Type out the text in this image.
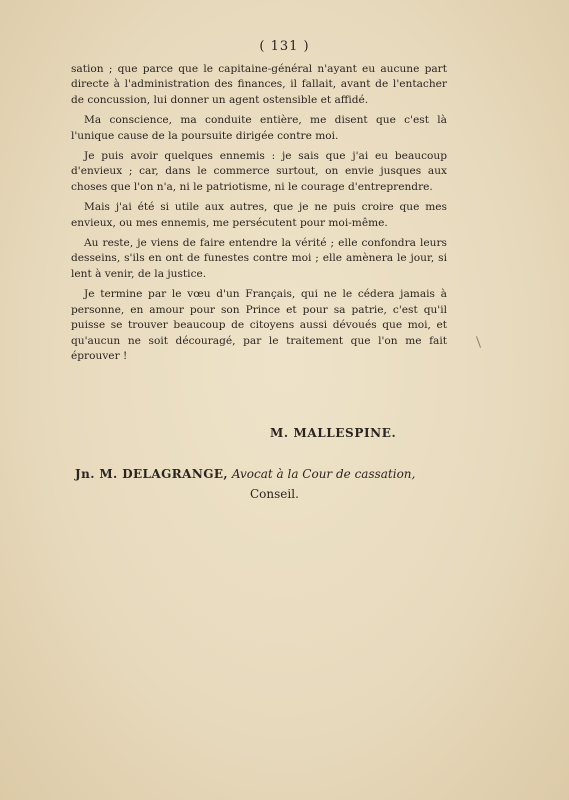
( 131 )

sation ; que parce que le capitaine-général n'ayant eu aucune part directe à l'administration des finances, il fallait, avant de l'entacher de concussion, lui donner un agent ostensible et affidé.

Ma conscience, ma conduite entière, me disent que c'est là l'unique cause de la poursuite dirigée contre moi.

Je puis avoir quelques ennemis : je sais que j'ai eu beaucoup d'envieux ; car, dans le commerce surtout, on envie jusques aux choses que l'on n'a, ni le patriotisme, ni le courage d'entreprendre.

Mais j'ai été si utile aux autres, que je ne puis croire que mes envieux, ou mes ennemis, me persécutent pour moi-même.

Au reste, je viens de faire entendre la vérité ; elle confondra leurs desseins, s'ils en ont de funestes contre moi ; elle amènera le jour, si lent à venir, de la justice.

Je termine par le vœu d'un Français, qui ne le cédera jamais à personne, en amour pour son Prince et pour sa patrie, c'est qu'il puisse se trouver beaucoup de citoyens aussi dévoués que moi, et qu'aucun ne soit découragé, par le traitement que l'on me fait éprouver !

M. MALLESPINE.
Jn. M. DELAGRANGE, Avocat à la Cour de cassation,
Conseil.
